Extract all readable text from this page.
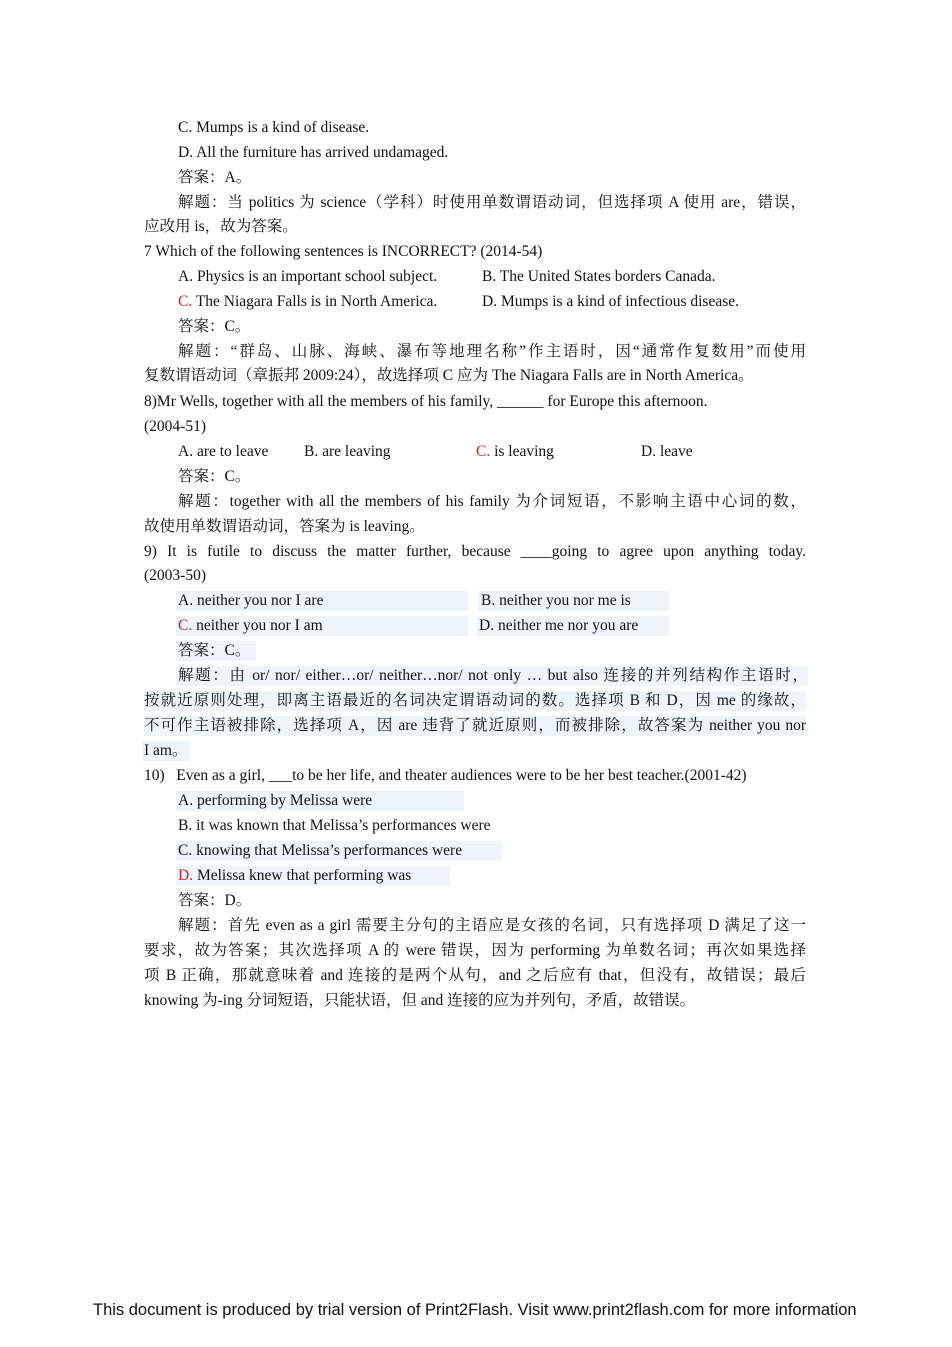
C. Mumps is a kind of disease.
D. All the furniture has arrived undamaged.
答案：A。
解题：当 politics 为 science（学科）时使用单数谓语动词，但选择项 A 使用 are，错误，
应改用 is，故为答案。
7 Which of the following sentences is INCORRECT? (2014-54)
A. Physics is an important school subject.	B. The United States borders Canada.
C. The Niagara Falls is in North America.	D. Mumps is a kind of infectious disease.
答案：C。
解题：“群岛、山脉、海峡、瀑布等地理名称”作主语时，因“通常作复数用”而使用
复数谓语动词（章振邦 2009:24），故选择项 C 应为 The Niagara Falls are in North America。
8)Mr Wells, together with all the members of his family, ______ for Europe this afternoon.
(2004-51)
A. are to leave B. are leaving	C. is leaving	D. leave
答案：C。
解题：together with all the members of his family 为介词短语，不影响主语中心词的数，
故使用单数谓语动词，答案为 is leaving。
9) It is futile to discuss the matter further, because ____going to agree upon anything today.
(2003-50)
A. neither you nor I are	B. neither you nor me is
C. neither you nor I am	D. neither me nor you are
答案：C。
解题：由 or/ nor/ either…or/ neither…nor/ not only … but also 连接的并列结构作主语时，
按就近原则处理，即离主语最近的名词决定谓语动词的数。选择项 B 和 D，因 me 的缘故，
不可作主语被排除，选择项 A，因 are 违背了就近原则，而被排除，故答案为 neither you nor
I am。
10)   Even as a girl, ___to be her life, and theater audiences were to be her best teacher.(2001-42)
A. performing by Melissa were
B. it was known that Melissa’s performances were
C. knowing that Melissa’s performances were
D. Melissa knew that performing was
答案：D。
解题：首先 even as a girl 需要主分句的主语应是女孩的名词，只有选择项 D 满足了这一
要求，故为答案；其次选择项 A 的 were 错误，因为 performing 为单数名词；再次如果选择
项 B 正确，那就意味着 and 连接的是两个从句，and 之后应有 that，但没有，故错误；最后
knowing 为-ing 分词短语，只能状语，但 and 连接的应为并列句，矛盾，故错误。
This document is produced by trial version of Print2Flash. Visit www.print2flash.com for more information
